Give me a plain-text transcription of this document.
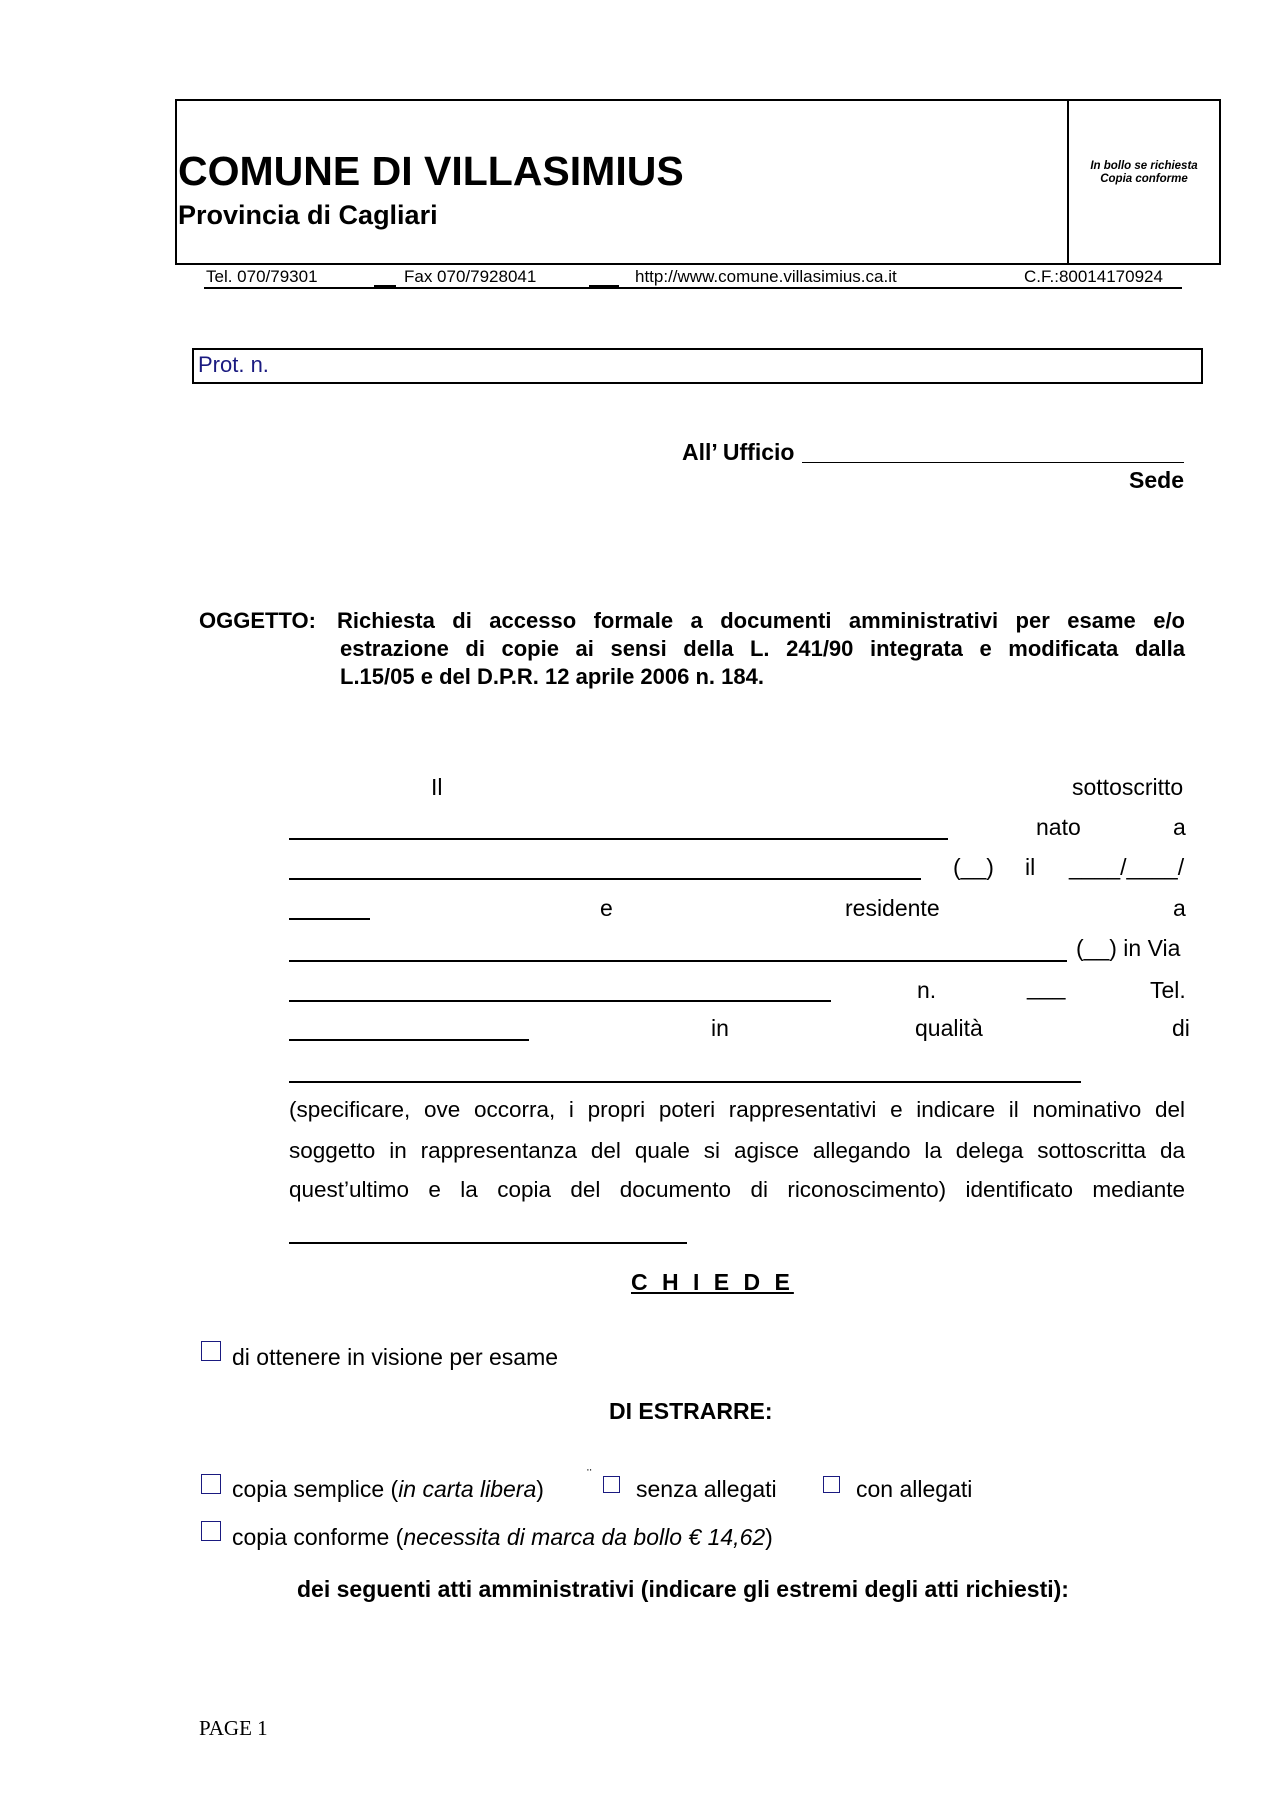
COMUNE DI VILLASIMIUS
Provincia di Cagliari
In bollo se richiesta
Copia conforme
Tel. 070/79301	Fax 070/7928041	http://www.comune.villasimius.ca.it	C.F.:80014170924
Prot. n.
All’ Ufficio
Sede
OGGETTO: Richiesta di accesso formale a documenti amministrativi per esame e/o
estrazione di copie ai sensi della L. 241/90 integrata e modificata dalla
L.15/05 e del D.P.R. 12 aprile 2006 n. 184.
Il	sottoscritto
nato	a
(__) il ____/____/
e	residente	a
(__) in Via
n.	___	Tel.
in	qualità	di
(specificare, ove occorra, i propri poteri rappresentativi e indicare il nominativo del
soggetto in rappresentanza del quale si agisce allegando la delega sottoscritta da
quest’ultimo e la copia del documento di riconoscimento) identificato mediante
C H I E D E
di ottenere in visione per esame
DI ESTRARRE:
copia semplice (in carta libera)
¨
senza allegati	con allegati
copia conforme (necessita di marca da bollo € 14,62)
dei seguenti atti amministrativi (indicare gli estremi degli atti richiesti):
PAGE 1
